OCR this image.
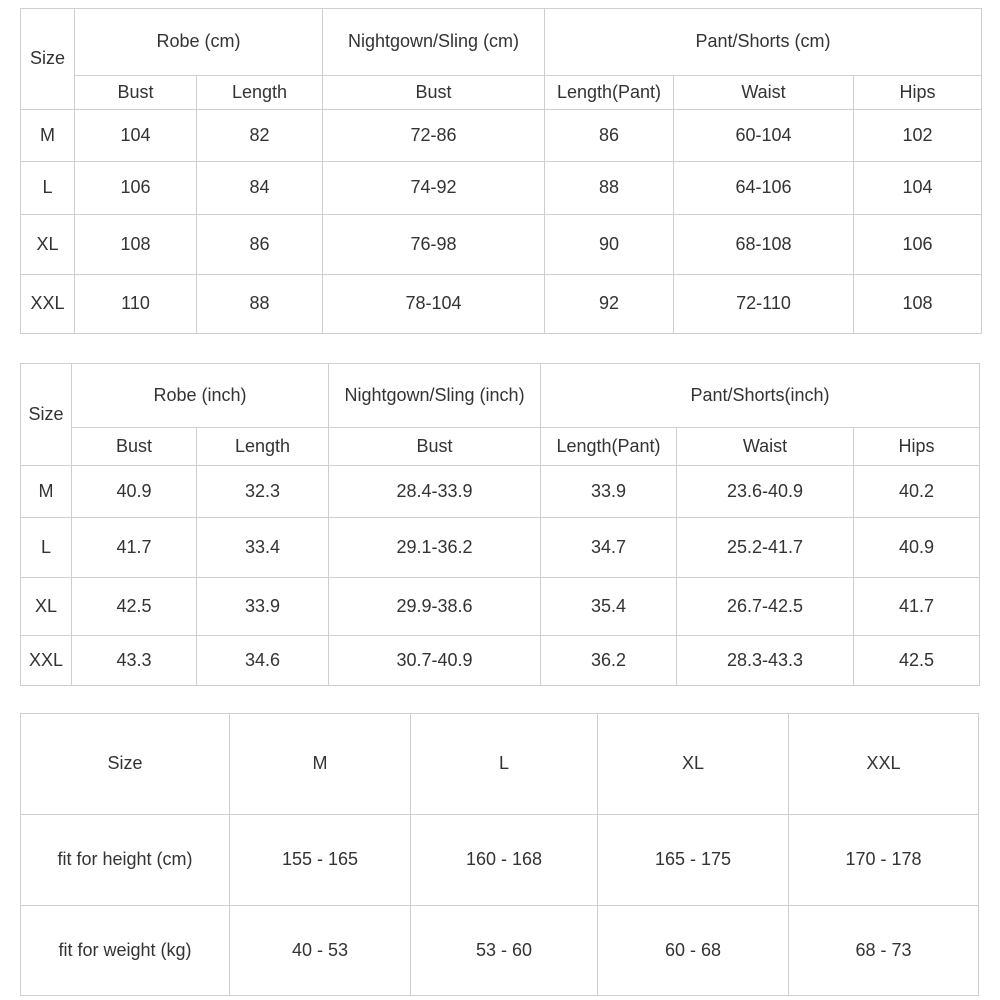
Size	Robe (cm)		Nightgown/Sling (cm)	Pant/Shorts (cm)		
	Bust	Length	Bust	Length(Pant)	Waist	Hips
M	104	82	72-86	86	60-104	102
L	106	84	74-92	88	64-106	104
XL	108	86	76-98	90	68-108	106
XXL	110	88	78-104	92	72-110	108
Size	Robe (inch)		Nightgown/Sling (inch)	Pant/Shorts(inch)		
	Bust	Length	Bust	Length(Pant)	Waist	Hips
M	40.9	32.3	28.4-33.9	33.9	23.6-40.9	40.2
L	41.7	33.4	29.1-36.2	34.7	25.2-41.7	40.9
XL	42.5	33.9	29.9-38.6	35.4	26.7-42.5	41.7
XXL	43.3	34.6	30.7-40.9	36.2	28.3-43.3	42.5
Size	M	L	XL	XXL
fit for height (cm)	155 - 165	160 - 168	165 - 175	170 - 178
fit for weight (kg)	40 - 53	53 - 60	60 - 68	68 - 73
